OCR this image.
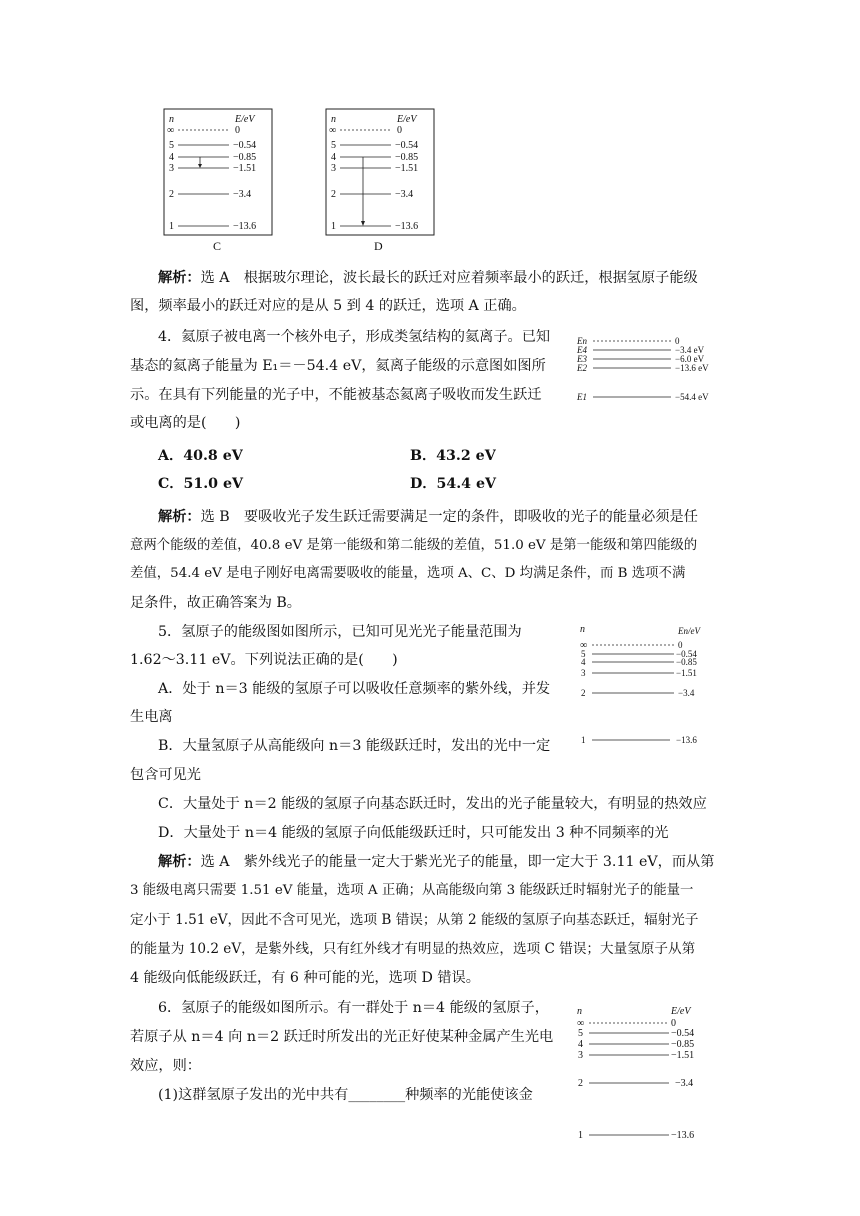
n	E/eV
∞	0
5	−0.54
4	−0.85
3	−1.51
2	−3.4
1	−13.6
C
n	E/eV
∞	0
5	−0.54
4	−0.85
3	−1.51
2	−3.4
1	−13.6
D

解析：选 A　根据玻尔理论，波长最长的跃迁对应着频率最小的跃迁，根据氢原子能级

图，频率最小的跃迁对应的是从 5 到 4 的跃迁，选项 A 正确。

4．氦原子被电离一个核外电子，形成类氢结构的氦离子。已知

基态的氦离子能量为 E₁＝－54.4 eV，氦离子能级的示意图如图所

示。在具有下列能量的光子中，不能被基态氦离子吸收而发生跃迁

或电离的是(　　)

En	0
E4	−3.4 eV
E3	−6.0 eV
E2	−13.6 eV
E1	−54.4 eV
A．40.8 eV	B．43.2 eV
C．51.0 eV	D．54.4 eV

解析：选 B　要吸收光子发生跃迁需要满足一定的条件，即吸收的光子的能量必须是任

意两个能级的差值，40.8 eV 是第一能级和第二能级的差值，51.0 eV 是第一能级和第四能级的

差值，54.4 eV 是电子刚好电离需要吸收的能量，选项 A、C、D 均满足条件，而 B 选项不满

足条件，故正确答案为 B。

5．氢原子的能级图如图所示，已知可见光光子能量范围为

1.62～3.11 eV。下列说法正确的是(　　)

A．处于 n＝3 能级的氢原子可以吸收任意频率的紫外线，并发

生电离

B．大量氢原子从高能级向 n＝3 能级跃迁时，发出的光中一定

包含可见光

C．大量处于 n＝2 能级的氢原子向基态跃迁时，发出的光子能量较大，有明显的热效应

D．大量处于 n＝4 能级的氢原子向低能级跃迁时，只可能发出 3 种不同频率的光

n	En/eV
∞	0
5	−0.54
4	−0.85
3	−1.51
2	−3.4
1	−13.6

解析：选 A　紫外线光子的能量一定大于紫光光子的能量，即一定大于 3.11 eV，而从第

3 能级电离只需要 1.51 eV 能量，选项 A 正确；从高能级向第 3 能级跃迁时辐射光子的能量一

定小于 1.51 eV，因此不含可见光，选项 B 错误；从第 2 能级的氢原子向基态跃迁，辐射光子

的能量为 10.2 eV，是紫外线，只有红外线才有明显的热效应，选项 C 错误；大量氢原子从第

4 能级向低能级跃迁，有 6 种可能的光，选项 D 错误。

6．氢原子的能级如图所示。有一群处于 n＝4 能级的氢原子，

若原子从 n＝4 向 n＝2 跃迁时所发出的光正好使某种金属产生光电

效应，则：

(1)这群氢原子发出的光中共有________种频率的光能使该金

n	E/eV
∞	0
5	−0.54
4	−0.85
3	−1.51
2	−3.4
1	−13.6
